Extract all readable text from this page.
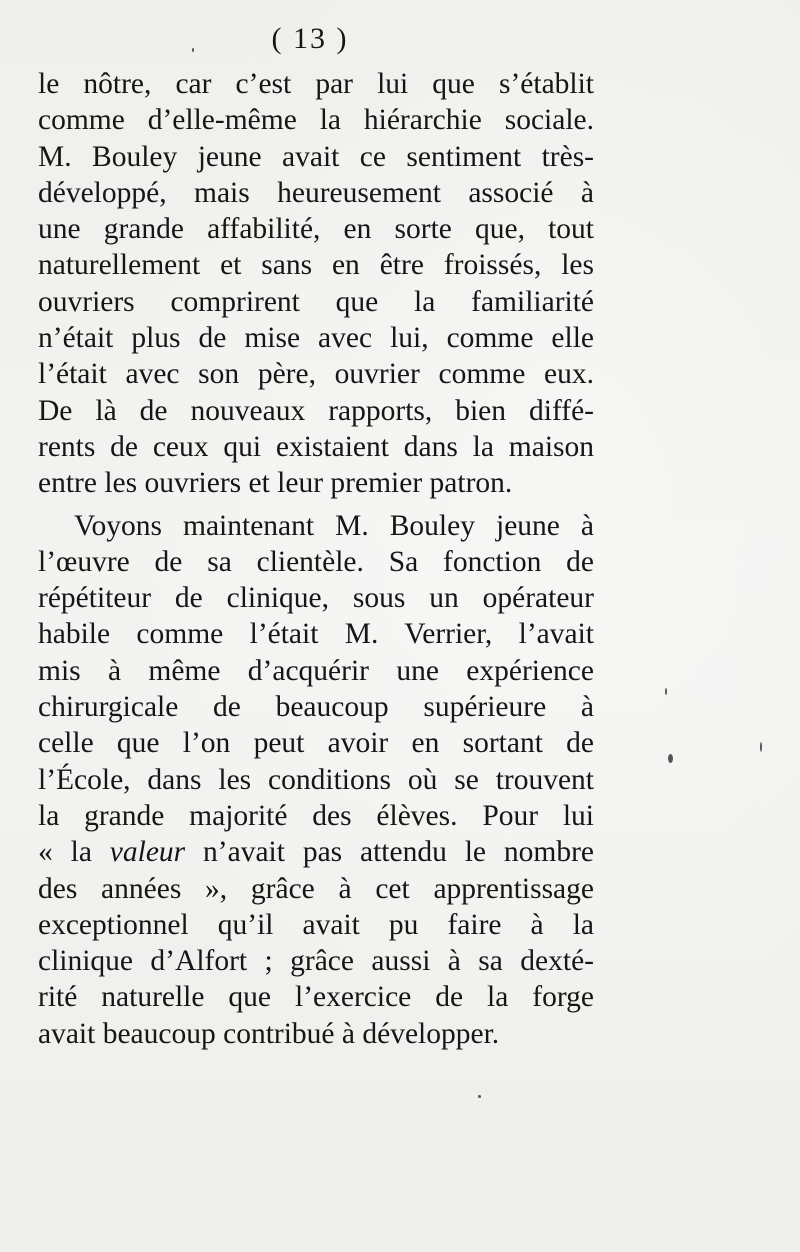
( 13 )
le nôtre, car c’est par lui que s’établit
comme d’elle-même la hiérarchie sociale.
M. Bouley jeune avait ce sentiment très-
développé, mais heureusement associé à
une grande affabilité, en sorte que, tout
naturellement et sans en être froissés, les
ouvriers comprirent que la familiarité
n’était plus de mise avec lui, comme elle
l’était avec son père, ouvrier comme eux.
De là de nouveaux rapports, bien diffé-
rents de ceux qui existaient dans la maison
entre les ouvriers et leur premier patron.
Voyons maintenant M. Bouley jeune à
l’œuvre de sa clientèle. Sa fonction de
répétiteur de clinique, sous un opérateur
habile comme l’était M. Verrier, l’avait
mis à même d’acquérir une expérience
chirurgicale de beaucoup supérieure à
celle que l’on peut avoir en sortant de
l’École, dans les conditions où se trouvent
la grande majorité des élèves. Pour lui
« la valeur n’avait pas attendu le nombre
des années », grâce à cet apprentissage
exceptionnel qu’il avait pu faire à la
clinique d’Alfort ; grâce aussi à sa dexté-
rité naturelle que l’exercice de la forge
avait beaucoup contribué à développer.
